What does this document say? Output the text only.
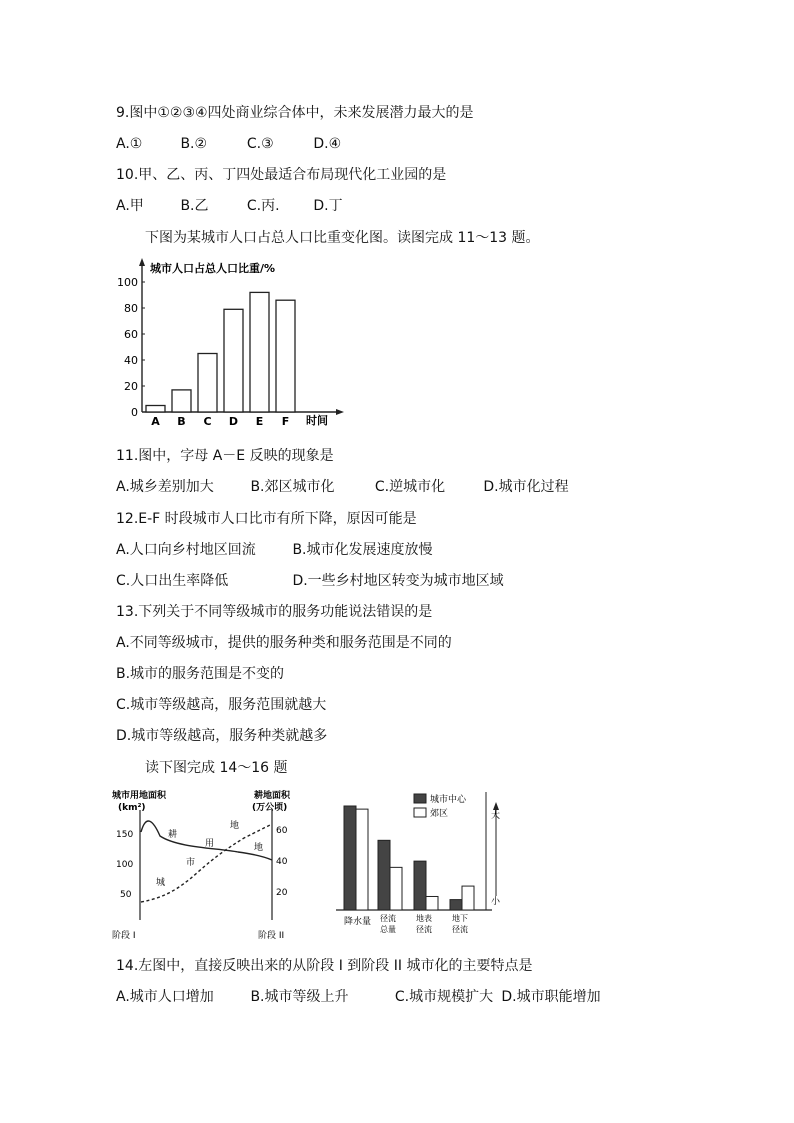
9.图中①②③④四处商业综合体中，未来发展潜力最大的是
A.①	B.②	C.③	D.④
10.甲、乙、丙、丁四处最适合布局现代化工业园的是
A.甲	B.乙	C.丙. D.丁
下图为某城市人口占总人口比重变化图。读图完成 11～13 题。
0
20
40
60
80
100
A B C D E F
城市人口占总人口比重/%
时间
11.图中，字母 A－E 反映的现象是
A.城乡差别加大	B.郊区城市化	C.逆城市化	D.城市化过程
12.E-F 时段城市人口比市有所下降，原因可能是
A.人口向乡村地区回流	B.城市化发展速度放慢
C.人口出生率降低	D.一些乡村地区转变为城市地区域
13.下列关于不同等级城市的服务功能说法错误的是
A.不同等级城市，提供的服务种类和服务范围是不同的
B.城市的服务范围是不变的
C.城市等级越高，服务范围就越大
D.城市等级越高，服务种类就越多
读下图完成 14～16 题
城市用地面积
(km²)
耕地面积
(万公顷)
150
100
50
60
40
20
耕
地
城
市
用
地
阶段 I	阶段 II
大
小
城市中心
郊区
降水量 径流
总量
地表
径流
地下
径流
14.左图中，直接反映出来的从阶段 I 到阶段 II 城市化的主要特点是
A.城市人口增加	B.城市等级上升	C.城市规模扩大 D.城市职能增加
